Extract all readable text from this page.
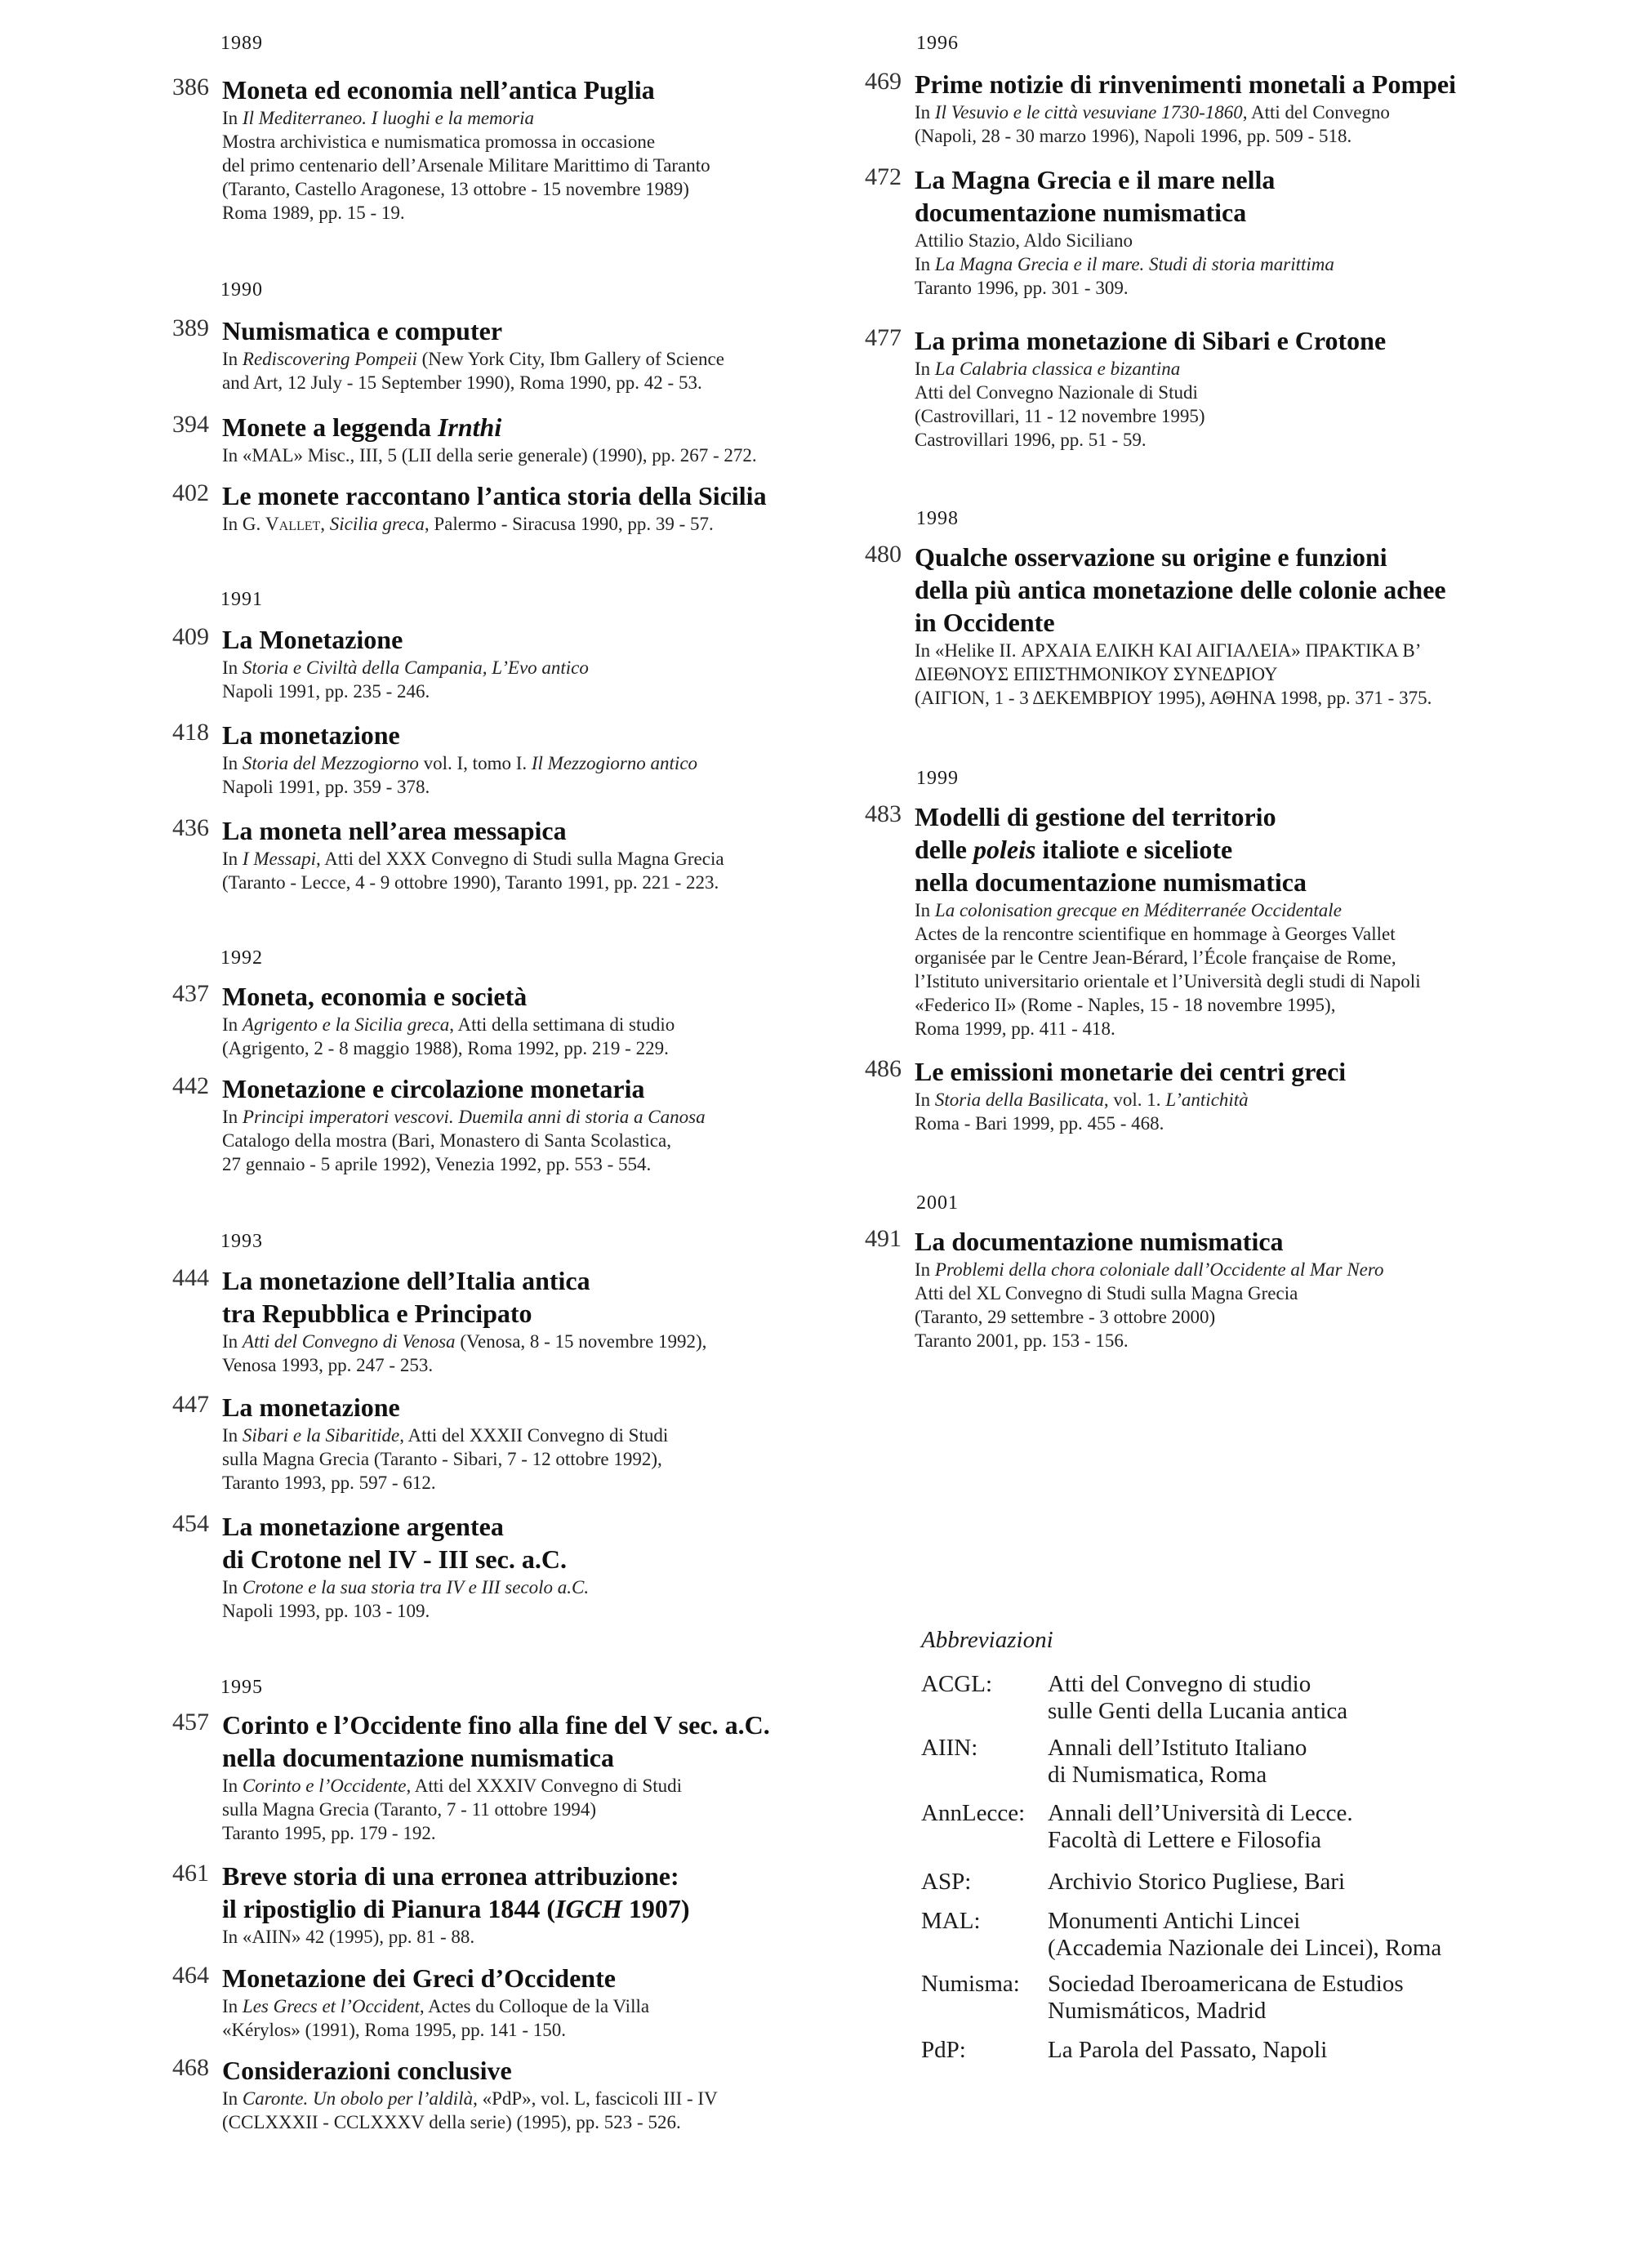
1989
386 Moneta ed economia nell’antica Puglia
In Il Mediterraneo. I luoghi e la memoria
Mostra archivistica e numismatica promossa in occasione
del primo centenario dell’Arsenale Militare Marittimo di Taranto
(Taranto, Castello Aragonese, 13 ottobre - 15 novembre 1989)
Roma 1989, pp. 15 - 19.
1990
389 Numismatica e computer
In Rediscovering Pompeii (New York City, Ibm Gallery of Science
and Art, 12 July - 15 September 1990), Roma 1990, pp. 42 - 53.
394 Monete a leggenda Irnthi
In «MAL» Misc., III, 5 (LII della serie generale) (1990), pp. 267 - 272.
402 Le monete raccontano l’antica storia della Sicilia
In G. Vallet, Sicilia greca, Palermo - Siracusa 1990, pp. 39 - 57.
1991
409 La Monetazione
In Storia e Civiltà della Campania, L’Evo antico
Napoli 1991, pp. 235 - 246.
418 La monetazione
In Storia del Mezzogiorno vol. I, tomo I. Il Mezzogiorno antico
Napoli 1991, pp. 359 - 378.
436 La moneta nell’area messapica
In I Messapi, Atti del XXX Convegno di Studi sulla Magna Grecia
(Taranto - Lecce, 4 - 9 ottobre 1990), Taranto 1991, pp. 221 - 223.
1992
437 Moneta, economia e società
In Agrigento e la Sicilia greca, Atti della settimana di studio
(Agrigento, 2 - 8 maggio 1988), Roma 1992, pp. 219 - 229.
442 Monetazione e circolazione monetaria
In Principi imperatori vescovi. Duemila anni di storia a Canosa
Catalogo della mostra (Bari, Monastero di Santa Scolastica,
27 gennaio - 5 aprile 1992), Venezia 1992, pp. 553 - 554.
1993
444 La monetazione dell’Italia antica
tra Repubblica e Principato
In Atti del Convegno di Venosa (Venosa, 8 - 15 novembre 1992),
Venosa 1993, pp. 247 - 253.
447 La monetazione
In Sibari e la Sibaritide, Atti del XXXII Convegno di Studi
sulla Magna Grecia (Taranto - Sibari, 7 - 12 ottobre 1992),
Taranto 1993, pp. 597 - 612.
454 La monetazione argentea
di Crotone nel IV - III sec. a.C.
In Crotone e la sua storia tra IV e III secolo a.C.
Napoli 1993, pp. 103 - 109.
1995
457 Corinto e l’Occidente fino alla fine del V sec. a.C.
nella documentazione numismatica
In Corinto e l’Occidente, Atti del XXXIV Convegno di Studi
sulla Magna Grecia (Taranto, 7 - 11 ottobre 1994)
Taranto 1995, pp. 179 - 192.
461 Breve storia di una erronea attribuzione:
il ripostiglio di Pianura 1844 (IGCH 1907)
In «AIIN» 42 (1995), pp. 81 - 88.
464 Monetazione dei Greci d’Occidente
In Les Grecs et l’Occident, Actes du Colloque de la Villa
«Kérylos» (1991), Roma 1995, pp. 141 - 150.
468 Considerazioni conclusive
In Caronte. Un obolo per l’aldilà, «PdP», vol. L, fascicoli III - IV
(CCLXXXII - CCLXXXV della serie) (1995), pp. 523 - 526.
1996
469 Prime notizie di rinvenimenti monetali a Pompei
In Il Vesuvio e le città vesuviane 1730-1860, Atti del Convegno
(Napoli, 28 - 30 marzo 1996), Napoli 1996, pp. 509 - 518.
472 La Magna Grecia e il mare nella
documentazione numismatica
Attilio Stazio, Aldo Siciliano
In La Magna Grecia e il mare. Studi di storia marittima
Taranto 1996, pp. 301 - 309.
477 La prima monetazione di Sibari e Crotone
In La Calabria classica e bizantina
Atti del Convegno Nazionale di Studi
(Castrovillari, 11 - 12 novembre 1995)
Castrovillari 1996, pp. 51 - 59.
1998
480 Qualche osservazione su origine e funzioni
della più antica monetazione delle colonie achee
in Occidente
In «Helike II. ΑΡΧΑΙΑ ΕΛΙΚΗ ΚΑΙ ΑΙΓΙΑΛΕΙΑ» ΠΡΑΚΤΙΚΑ Β’
ΔΙΕΘΝΟΥΣ ΕΠΙΣΤΗΜΟΝΙΚΟΥ ΣΥΝΕΔΡΙΟΥ
(ΑΙΓΙΟΝ, 1 - 3 ΔΕΚΕΜΒΡΙΟΥ 1995), ΑΘΗΝΑ 1998, pp. 371 - 375.
1999
483 Modelli di gestione del territorio
delle poleis italiote e siceliote
nella documentazione numismatica
In La colonisation grecque en Méditerranée Occidentale
Actes de la rencontre scientifique en hommage à Georges Vallet
organisée par le Centre Jean-Bérard, l’École française de Rome,
l’Istituto universitario orientale et l’Università degli studi di Napoli
«Federico II» (Rome - Naples, 15 - 18 novembre 1995),
Roma 1999, pp. 411 - 418.
486 Le emissioni monetarie dei centri greci
In Storia della Basilicata, vol. 1. L’antichità
Roma - Bari 1999, pp. 455 - 468.
2001
491 La documentazione numismatica
In Problemi della chora coloniale dall’Occidente al Mar Nero
Atti del XL Convegno di Studi sulla Magna Grecia
(Taranto, 29 settembre - 3 ottobre 2000)
Taranto 2001, pp. 153 - 156.
Abbreviazioni
ACGL: Atti del Convegno di studio
sulle Genti della Lucania antica
AIIN:	Annali dell’Istituto Italiano
di Numismatica, Roma
AnnLecce: Annali dell’Università di Lecce.
Facoltà di Lettere e Filosofia
ASP:	Archivio Storico Pugliese, Bari
MAL:	Monumenti Antichi Lincei
(Accademia Nazionale dei Lincei), Roma
Numisma: Sociedad Iberoamericana de Estudios
Numismáticos, Madrid
PdP:	La Parola del Passato, Napoli
